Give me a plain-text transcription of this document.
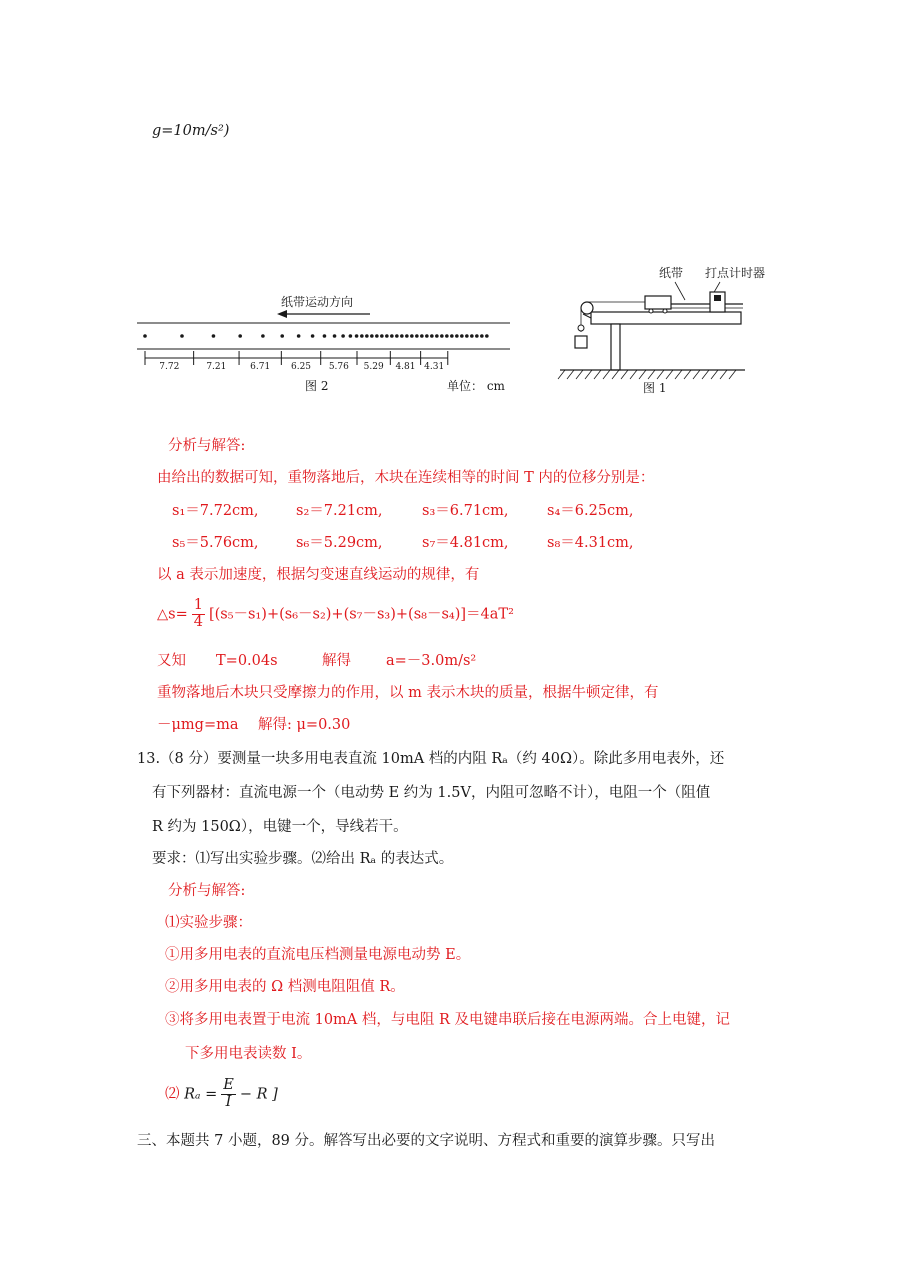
g=10m/s²)
纸带运动方向
7.72	7.21	6.71 6.25 5.76 5.29 4.81 4.31
图 2	单位： cm
纸带 打点计时器
图 1
分析与解答:
由给出的数据可知，重物落地后，木块在连续相等的时间 T 内的位移分别是：
s₁＝7.72cm,	s₂＝7.21cm,	s₃＝6.71cm,	s₄＝6.25cm,
s₅＝5.76cm,	s₆＝5.29cm,	s₇＝4.81cm,	s₈＝4.31cm,
以 a 表示加速度，根据匀变速直线运动的规律，有
△s= $\frac{1}{4} [(s_5-s_1)+(s_6-s_2)+(s_7-s_3)+(s_8-s_4)]=4aT^2$
又知 T=0.04s	解得 a=－3.0m/s²
重物落地后木块只受摩擦力的作用，以 m 表示木块的质量，根据牛顿定律，有
－μmg=ma 解得: μ=0.30
13.（8 分）要测量一块多用电表直流 10mA 档的内阻 Rₐ（约 40Ω）。除此多用电表外，还
有下列器材：直流电源一个（电动势 E 约为 1.5V，内阻可忽略不计），电阻一个（阻值
R 约为 150Ω），电键一个，导线若干。
要求：⑴写出实验步骤。⑵给出 Rₐ 的表达式。
分析与解答:
⑴实验步骤：
①用多用电表的直流电压档测量电源电动势 E。
②用多用电表的 Ω 档测电阻阻值 R。
③将多用电表置于电流 10mA 档，与电阻 R 及电键串联后接在电源两端。合上电键，记
下多用电表读数 I。
⑵ $R_a = \frac{E}{I} - R$ ]
三、本题共 7 小题，89 分。解答写出必要的文字说明、方程式和重要的演算步骤。只写出
